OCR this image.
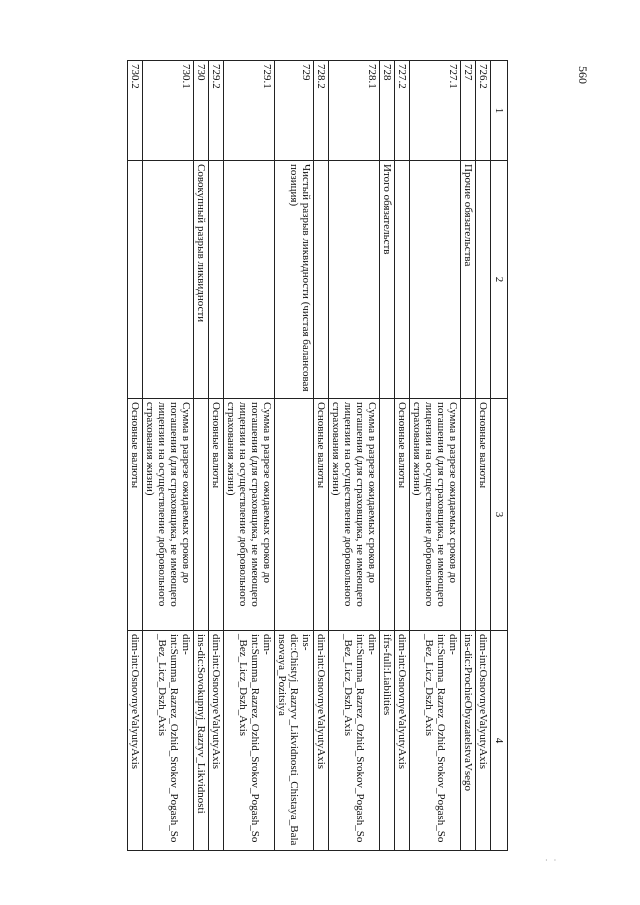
560
1	2	3	4
726.2		Основные валюты	dim-int:OsnovnyeValyutyAxis
727	Прочие обязательства		ins-dic:ProchieObyazatelstvaVsego
727.1		Сумма в разрезе ожидаемых сроков до погашения (для страховщика, не имеющего лицензии на осуществление добровольного страхования жизни)	dim-int:Summa_Razrez_Ozhid_Srokov_Pogash_So_Bez_Licz_Dszh_Axis
727.2		Основные валюты	dim-int:OsnovnyeValyutyAxis
728	Итого обязательств		ifrs-full:Liabilities
728.1		Сумма в разрезе ожидаемых сроков до погашения (для страховщика, не имеющего лицензии на осуществление добровольного страхования жизни)	dim-int:Summa_Razrez_Ozhid_Srokov_Pogash_So_Bez_Licz_Dszh_Axis
728.2		Основные валюты	dim-int:OsnovnyeValyutyAxis
729	Чистый разрыв ликвидности (чистая балансовая позиция)		ins-dic:Chistyj_Razryv_Likvidnosti_Chistaya_Balansovaya_Pozitsiya
729.1		Сумма в разрезе ожидаемых сроков до погашения (для страховщика, не имеющего лицензии на осуществление добровольного страхования жизни)	dim-int:Summa_Razrez_Ozhid_Srokov_Pogash_So_Bez_Licz_Dszh_Axis
729.2		Основные валюты	dim-int:OsnovnyeValyutyAxis
730	Совокупный разрыв ликвидности		ins-dic:Sovokupnyj_Razryv_Likvidnosti
730.1		Сумма в разрезе ожидаемых сроков до погашения (для страховщика, не имеющего лицензии на осуществление добровольного страхования жизни)	dim-int:Summa_Razrez_Ozhid_Srokov_Pogash_So_Bez_Licz_Dszh_Axis
730.2		Основные валюты	dim-int:OsnovnyeValyutyAxis
· ·
